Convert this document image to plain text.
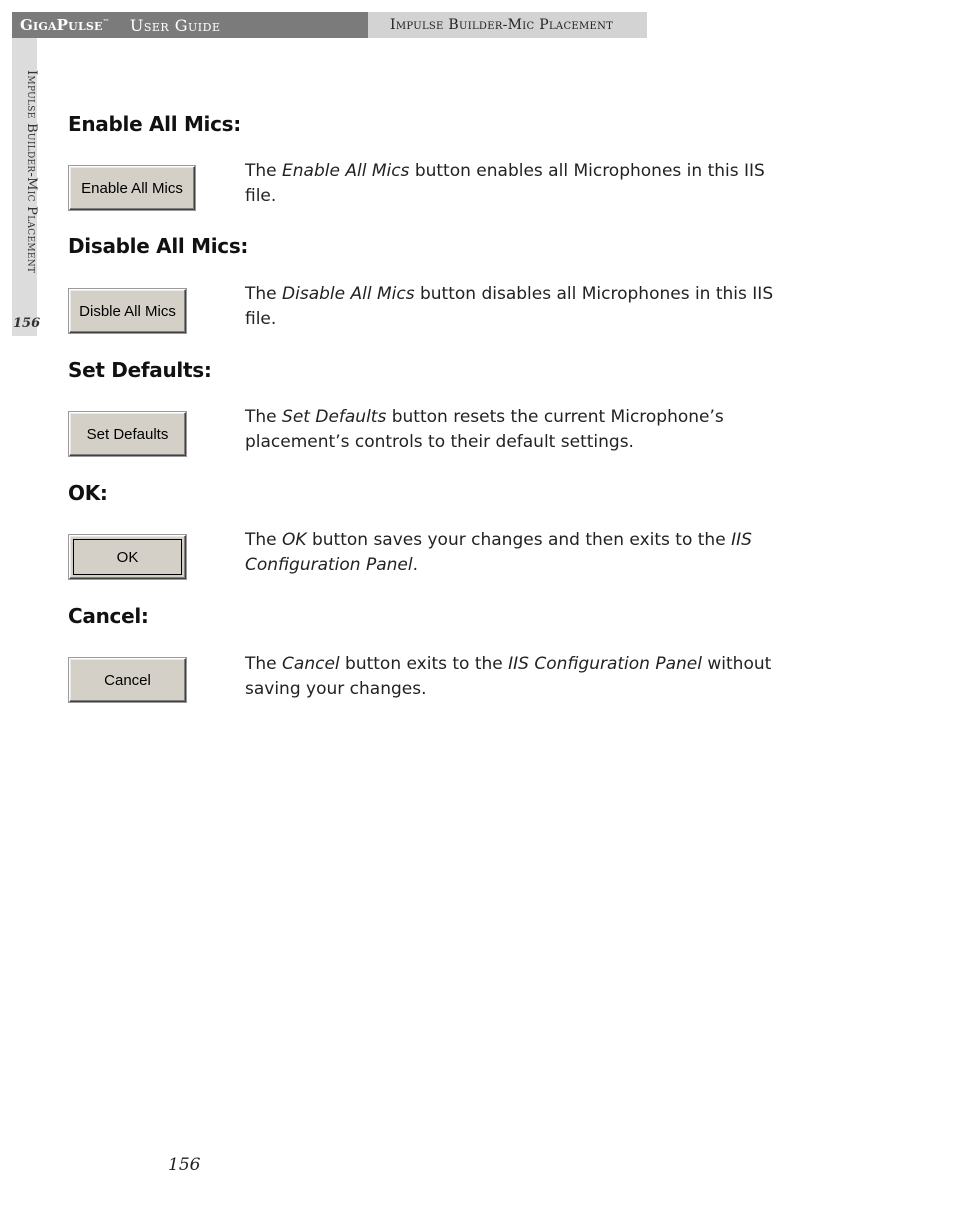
GigaPulse™ User Guide	Impulse Builder-Mic Placement
Impulse Builder-Mic Placement
156
Enable All Mics:
Enable All Mics

The Enable All Mics button enables all Microphones in this IIS file.

Disable All Mics:
Disble All Mics

The Disable All Mics button disables all Microphones in this IIS file.

Set Defaults:
Set Defaults

The Set Defaults button resets the current Microphone’s placement’s controls to their default settings.

OK:
OK

The OK button saves your changes and then exits to the IIS Configuration Panel.

Cancel:
Cancel

The Cancel button exits to the IIS Configuration Panel without saving your changes.

156
